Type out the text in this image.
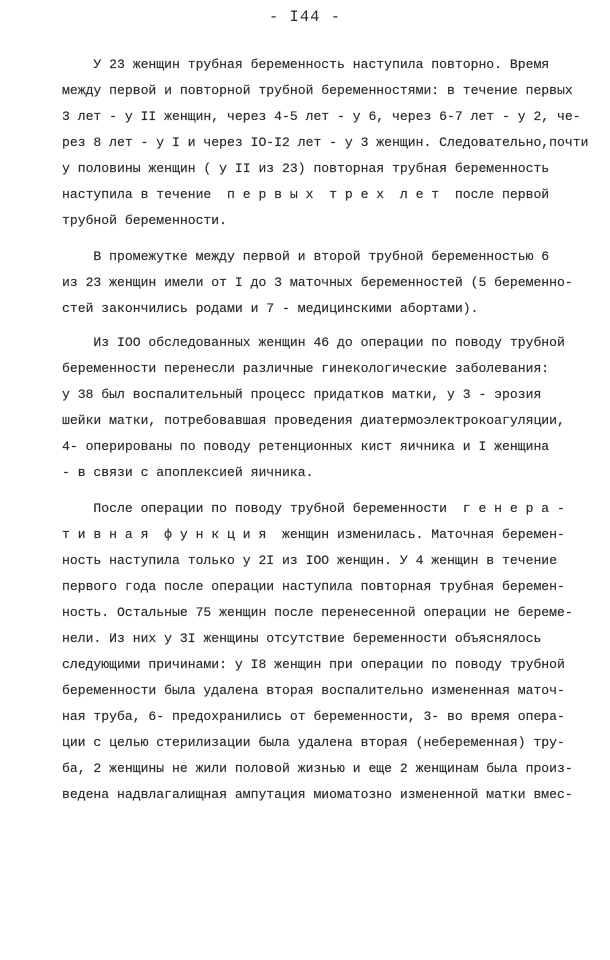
- I44 -
У 23 женщин трубная беременность наступила повторно. Время
между первой и повторной трубной беременностями: в течение первых
3 лет - у II женщин, через 4-5 лет - у 6, через 6-7 лет - у 2, че-
рез 8 лет - у I и через IO-I2 лет - у 3 женщин. Следовательно,почти
у половины женщин ( у II из 23) повторная трубная беременность
наступила в течение  п е р в ы х  т р е х  л е т  после первой
трубной беременности.
В промежутке между первой и второй трубной беременностью 6
из 23 женщин имели от I до 3 маточных беременностей (5 беременно-
стей закончились родами и 7 - медицинскими абортами).
Из IOO обследованных женщин 46 до операции по поводу трубной
беременности перенесли различные гинекологические заболевания:
у 38 был воспалительный процесс придатков матки, у 3 - эрозия
шейки матки, потребовавшая проведения диатермоэлектрокоагуляции,
4- оперированы по поводу ретенционных кист яичника и I женщина
- в связи с апоплексией яичника.
После операции по поводу трубной беременности  г е н е р а -
т и в н а я  ф у н к ц и я  женщин изменилась. Маточная беремен-
ность наступила только у 2I из IOO женщин. У 4 женщин в течение
первого года после операции наступила повторная трубная беремен-
ность. Остальные 75 женщин после перенесенной операции не береме-
нели. Из них у 3I женщины отсутствие беременности объяснялось
следующими причинами: у I8 женщин при операции по поводу трубной
беременности была удалена вторая воспалительно измененная маточ-
ная труба, 6- предохранились от беременности, 3- во время опера-
ции с целью стерилизации была удалена вторая (небеременная) тру-
ба, 2 женщины не жили половой жизнью и еще 2 женщинам была произ-
ведена надвлагалищная ампутация миоматозно измененной матки вмес-
